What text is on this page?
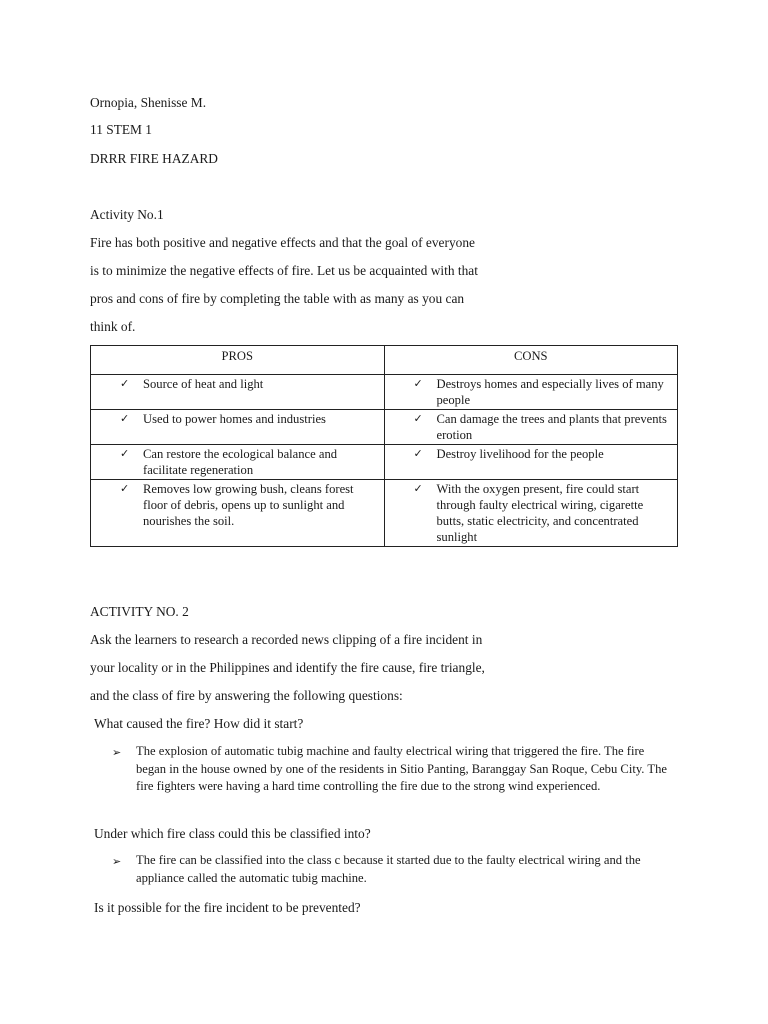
Ornopia, Shenisse M.
11 STEM 1
DRRR FIRE HAZARD
Activity No.1
Fire has both positive and negative effects and that the goal of everyone
is to minimize the negative effects of fire. Let us be acquainted with that
pros and cons of fire by completing the table with as many as you can
think of.
PROS	CONS

✓ Source of heat and light	✓ Destroys homes and especially lives of many people

✓ Used to power homes and industries	✓ Can damage the trees and plants that prevents erotion

✓ Can restore the ecological balance and facilitate regeneration	✓ Destroy livelihood for the people

✓ Removes low growing bush, cleans forest floor of debris, opens up to sunlight and nourishes the soil.	✓ With the oxygen present, fire could start through faulty electrical wiring, cigarette butts, static electricity, and concentrated sunlight
ACTIVITY NO. 2
Ask the learners to research a recorded news clipping of a fire incident in
your locality or in the Philippines and identify the fire cause, fire triangle,
and the class of fire by answering the following questions:
What caused the fire? How did it start?
➢	The explosion of automatic tubig machine and faulty electrical wiring that triggered the fire. The fire began in the house owned by one of the residents in Sitio Panting, Baranggay San Roque, Cebu City. The fire fighters were having a hard time controlling the fire due to the strong wind experienced.
Under which fire class could this be classified into?
➢	The fire can be classified into the class c because it started due to the faulty electrical wiring and the appliance called the automatic tubig machine.
Is it possible for the fire incident to be prevented?
